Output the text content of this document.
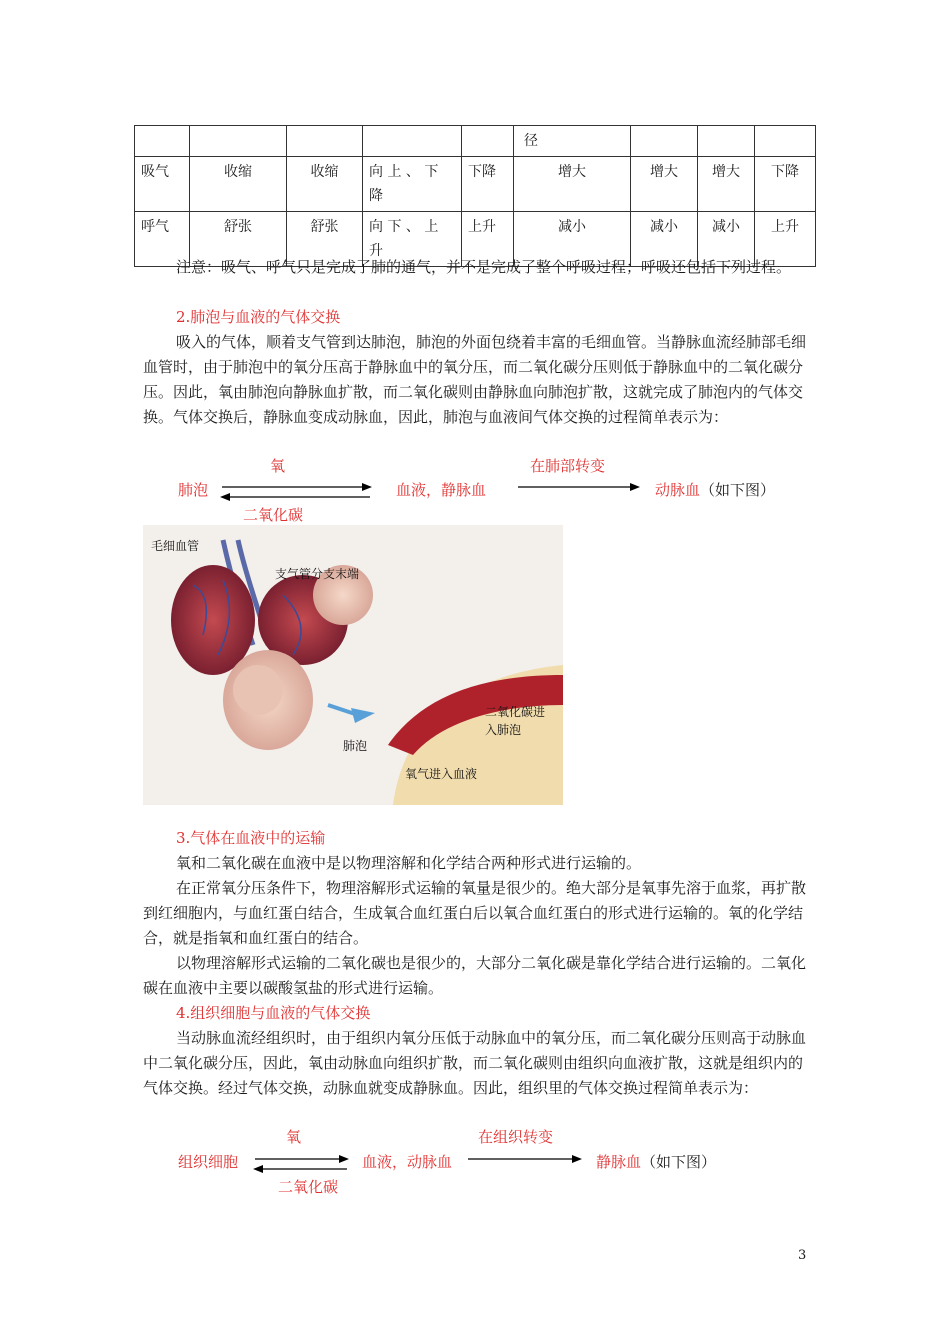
					径			
吸气	收缩	收缩	向 上 、 下 降	下降	增大	增大	增大	下降
呼气	舒张	舒张	向 下 、 上 升	上升	减小	减小	减小	上升

注意：吸气、呼气只是完成了肺的通气，并不是完成了整个呼吸过程；呼吸还包括下列过程。

2.肺泡与血液的气体交换

吸入的气体，顺着支气管到达肺泡，肺泡的外面包绕着丰富的毛细血管。当静脉血流经肺部毛细血管时，由于肺泡中的氧分压高于静脉血中的氧分压，而二氧化碳分压则低于静脉血中的二氧化碳分压。因此，氧由肺泡向静脉血扩散，而二氧化碳则由静脉血向肺泡扩散，这就完成了肺泡内的气体交换。气体交换后，静脉血变成动脉血，因此，肺泡与血液间气体交换的过程简单表示为：

氧
肺泡
二氧化碳
血液，静脉血
在肺部转变
动脉血 （如下图）
毛细血管
支气管分支末端
肺泡
二氧化碳进入肺泡
氧气进入血液

3.气体在血液中的运输

氧和二氧化碳在血液中是以物理溶解和化学结合两种形式进行运输的。

在正常氧分压条件下，物理溶解形式运输的氧量是很少的。绝大部分是氧事先溶于血浆，再扩散到红细胞内，与血红蛋白结合，生成氧合血红蛋白后以氧合血红蛋白的形式进行运输的。氧的化学结合，就是指氧和血红蛋白的结合。

以物理溶解形式运输的二氧化碳也是很少的，大部分二氧化碳是靠化学结合进行运输的。二氧化碳在血液中主要以碳酸氢盐的形式进行运输。

4.组织细胞与血液的气体交换

当动脉血流经组织时，由于组织内氧分压低于动脉血中的氧分压，而二氧化碳分压则高于动脉血中二氧化碳分压，因此，氧由动脉血向组织扩散，而二氧化碳则由组织向血液扩散，这就是组织内的气体交换。经过气体交换，动脉血就变成静脉血。因此，组织里的气体交换过程简单表示为：

氧
组织细胞
二氧化碳
血液，动脉血
在组织转变
静脉血 （如下图）
3
